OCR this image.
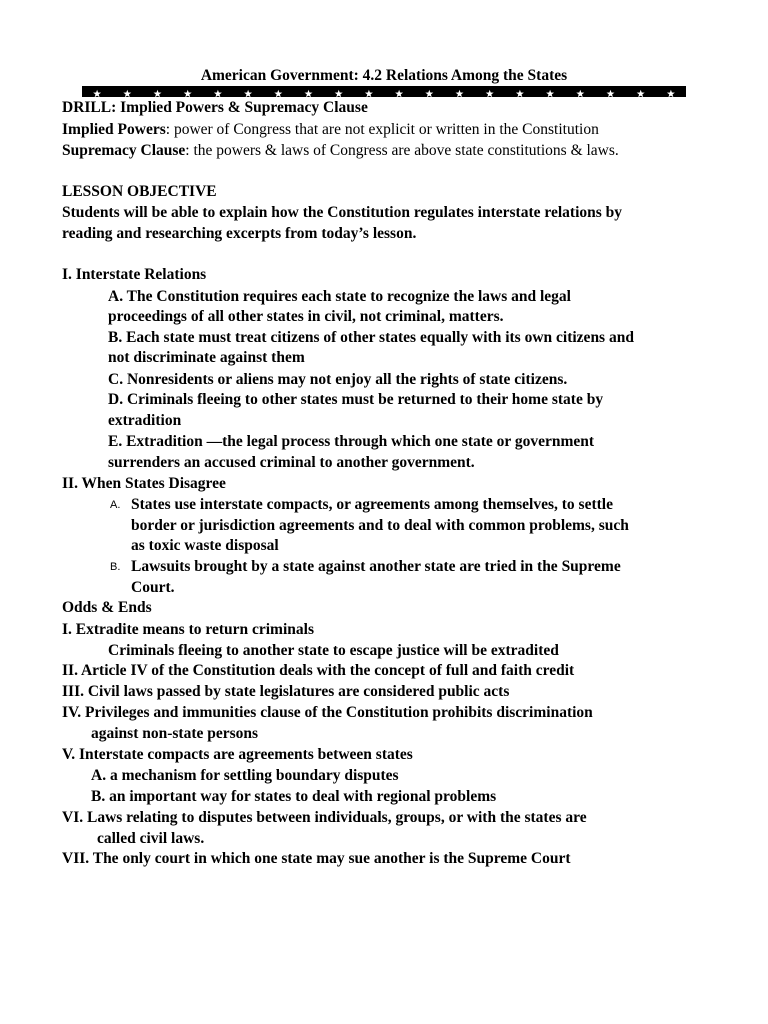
American Government: 4.2 Relations Among the States
DRILL: Implied Powers & Supremacy Clause
Implied Powers: power of Congress that are not explicit or written in the Constitution
Supremacy Clause: the powers & laws of Congress are above state constitutions & laws.
LESSON OBJECTIVE
Students will be able to explain how the Constitution regulates interstate relations by
reading and researching excerpts from today’s lesson.
I. Interstate Relations
A. The Constitution requires each state to recognize the laws and legal
proceedings of all other states in civil, not criminal, matters.
B. Each state must treat citizens of other states equally with its own citizens and
not discriminate against them
C. Nonresidents or aliens may not enjoy all the rights of state citizens.
D. Criminals fleeing to other states must be returned to their home state by
extradition
E. Extradition —the legal process through which one state or government
surrenders an accused criminal to another government.
II. When States Disagree
A. States use interstate compacts, or agreements among themselves, to settle
border or jurisdiction agreements and to deal with common problems, such
as toxic waste disposal
B. Lawsuits brought by a state against another state are tried in the Supreme
Court.
Odds & Ends
I. Extradite means to return criminals
Criminals fleeing to another state to escape justice will be extradited
II. Article IV of the Constitution deals with the concept of full and faith credit
III. Civil laws passed by state legislatures are considered public acts
IV. Privileges and immunities clause of the Constitution prohibits discrimination
against non-state persons
V. Interstate compacts are agreements between states
A. a mechanism for settling boundary disputes
B. an important way for states to deal with regional problems
VI. Laws relating to disputes between individuals, groups, or with the states are
called civil laws.
VII. The only court in which one state may sue another is the Supreme Court
